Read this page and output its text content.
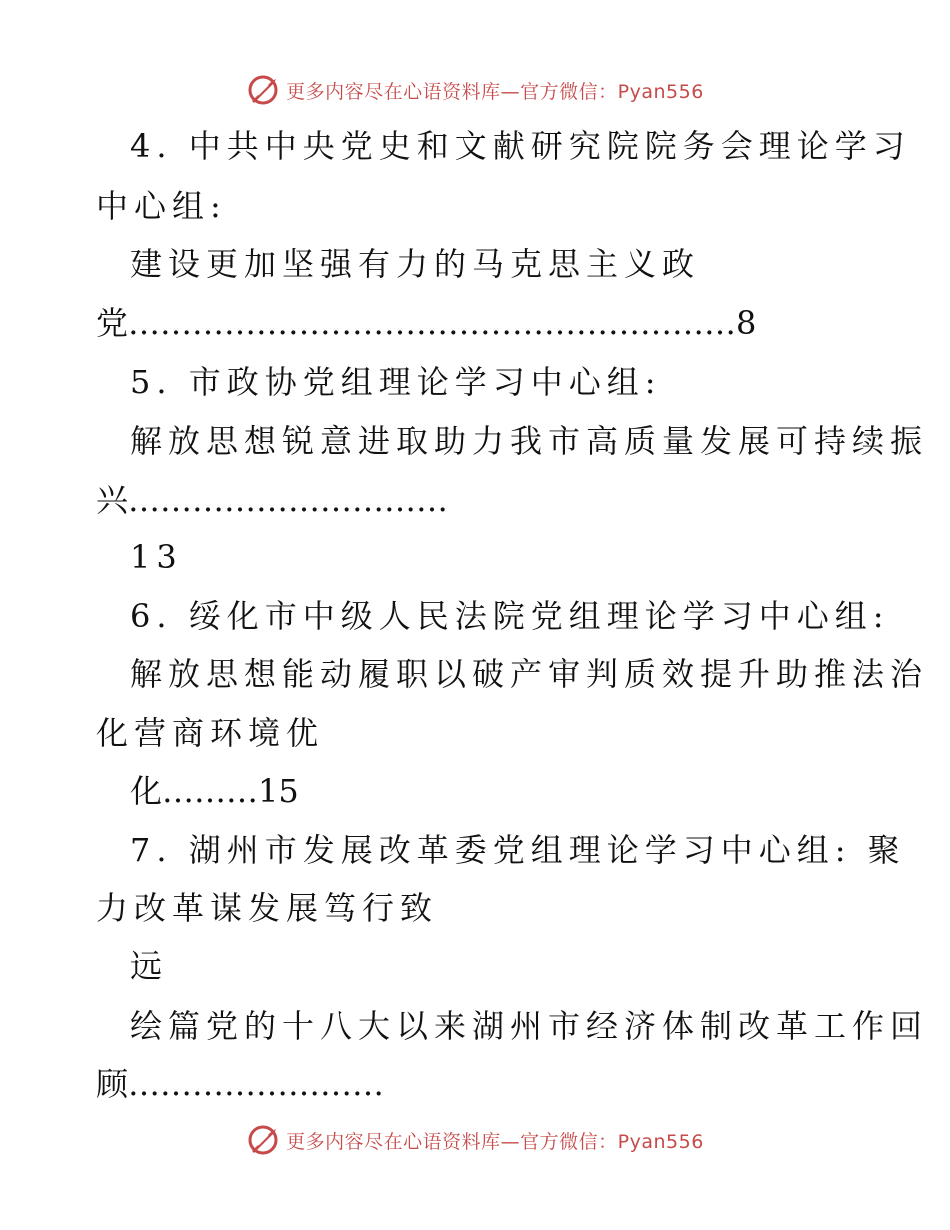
更多内容尽在心语资料库—官方微信：Pyan556
4. 中共中央党史和文献研究院院务会理论学习
中心组:
建设更加坚强有力的马克思主义政
党…………………………………………………8
5. 市政协党组理论学习中心组:
解放思想锐意进取助力我市高质量发展可持续振
兴…………………………
13
6. 绥化市中级人民法院党组理论学习中心组:
解放思想能动履职以破产审判质效提升助推法治
化营商环境优
化………15
7. 湖州市发展改革委党组理论学习中心组: 聚
力改革谋发展笃行致
远
绘篇党的十八大以来湖州市经济体制改革工作回
顾……………………
更多内容尽在心语资料库—官方微信：Pyan556
